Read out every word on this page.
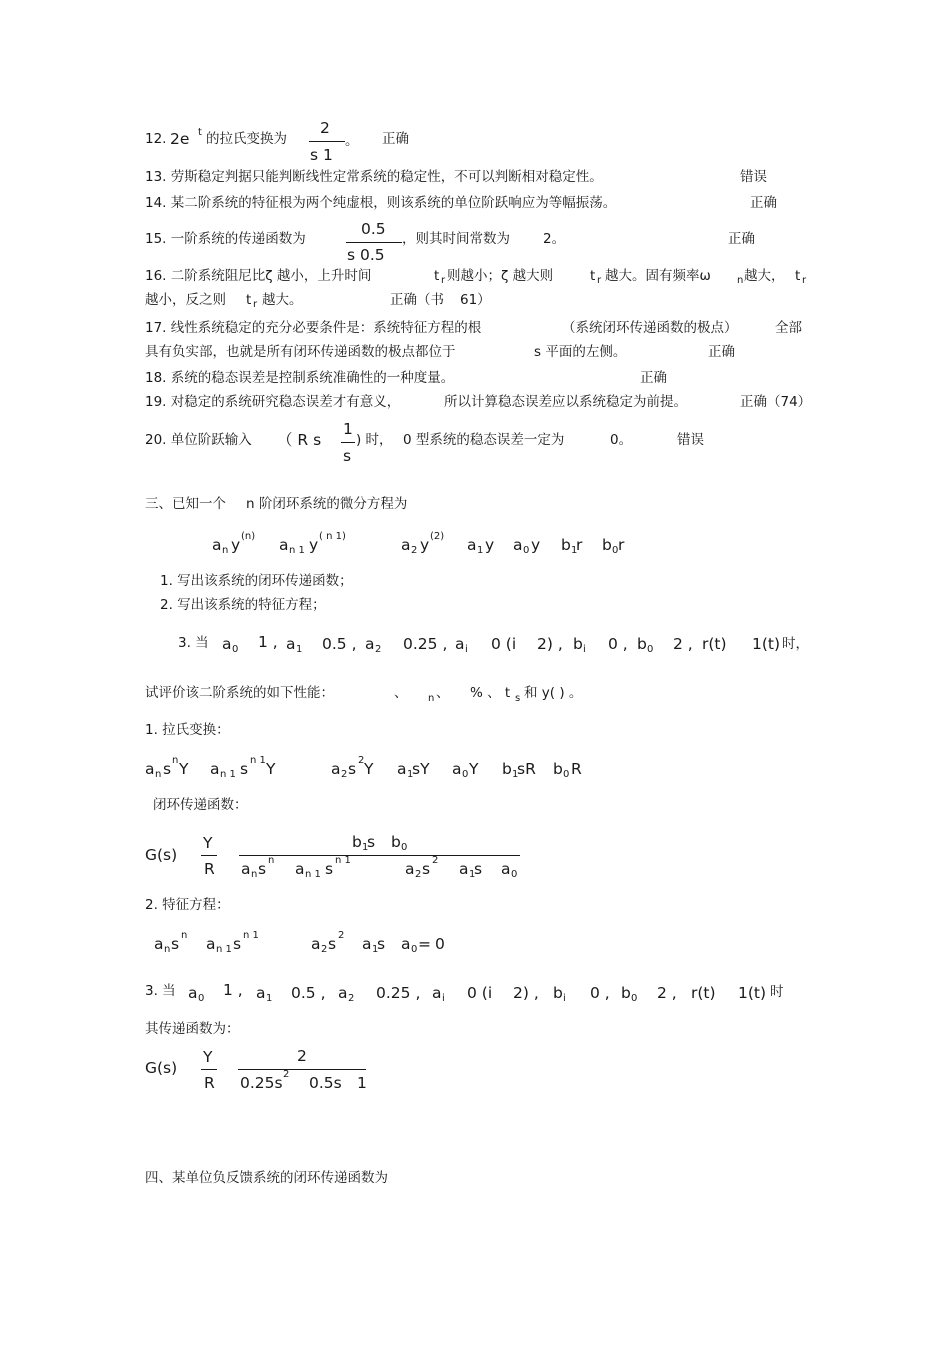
12. 2e t 的拉氏变换为
2
s 1
。 正确
13. 劳斯稳定判据只能判断线性定常系统的稳定性，不可以判断相对稳定性。	错误
14. 某二阶系统的特征根为两个纯虚根，则该系统的单位阶跃响应为等幅振荡。	正确
15. 一阶系统的传递函数为
0.5
s 0.5
，则其时间常数为 2。	正确
16. 二阶系统阻尼比ζ 越小，上升时间	t r 则越小；ζ 越大则	t r 越大。固有频率ω	n 越大， t r
越小，反之则 t r 越大。	正确（书 61）
17. 线性系统稳定的充分必要条件是：系统特征方程的根	（系统闭环传递函数的极点）	全部
具有负实部，也就是所有闭环传递函数的极点都位于	s 平面的左侧。	正确
18. 系统的稳态误差是控制系统准确性的一种度量。	正确
19. 对稳定的系统研究稳态误差才有意义，	所以计算稳态误差应以系统稳定为前提。	正确（74）
20. 单位阶跃输入 （ R s
1
s
) 时， 0 型系统的稳态误差一定为	0。	错误
三、已知一个 n 阶闭环系统的微分方程为
a n y (n) a n 1 y ( n 1)	a 2 y (2) a 1 y a 0 y b 1
r b 0 r
1. 写出该系统的闭环传递函数；
2. 写出该系统的特征方程；
3. 当 a 0 1 , a 1 0.5 , a 2 0.25 , a i 0 (i 2) , b i 0 , b 0 2 , r(t) 1(t) 时，
试评价该二阶系统的如下性能：	、 n 、 % 、 t s 和 y( ) 。
1. 拉氏变换：
a n s n Y a n 1 s n 1 Y	a 2 s 2 Y a 1
sY a 0 Y b 1
sR b 0 R
闭环传递函数：
G(s)
Y
R
b 1
s b 0
a n s n a n 1 s n 1	a 2 s 2 a 1
s a 0
2. 特征方程：
a n s n a n 1 s n 1	a 2 s 2 a 1
s a 0 = 0
3. 当 a 0 1 , a 1 0.5 , a 2 0.25 , a i 0 (i 2) , b i 0 , b 0 2 , r(t) 1(t) 时
其传递函数为：
G(s)
Y
R
2
0.25s 2 0.5s 1
四、某单位负反馈系统的闭环传递函数为
